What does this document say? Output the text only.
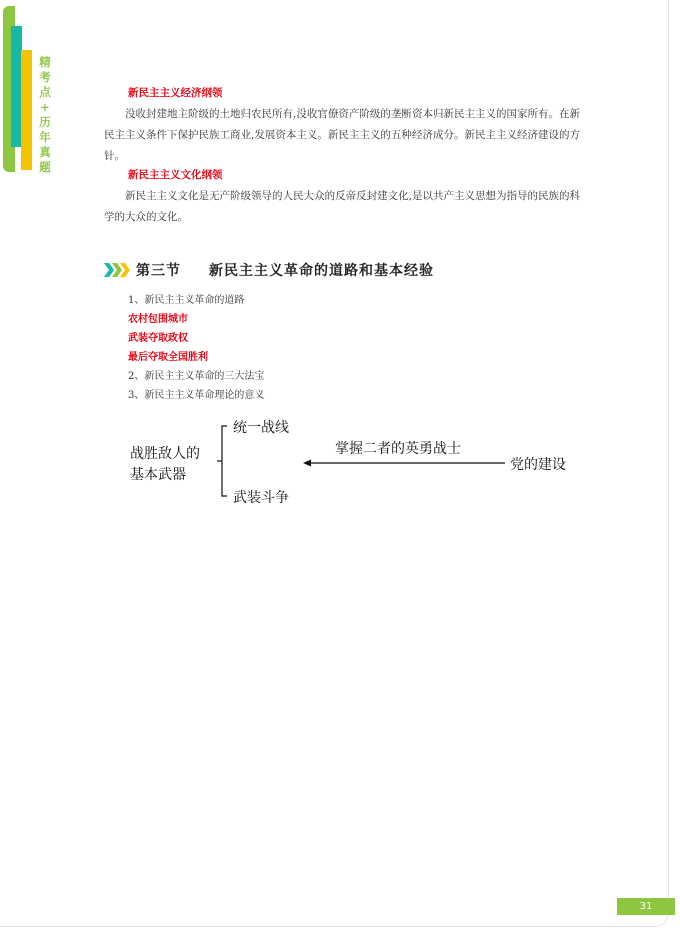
精
考
点
+
历
年
真
题
新民主主义经济纲领

没收封建地主阶级的土地归农民所有,没收官僚资产阶级的垄断资本归新民主主义的国家所有。在新民主主义条件下保护民族工商业,发展资本主义。新民主主义的五种经济成分。新民主主义经济建设的方针。

新民主主义文化纲领

新民主主义文化是无产阶级领导的人民大众的反帝反封建文化,是以共产主义思想为指导的民族的科学的大众的文化。

第三节 新民主主义革命的道路和基本经验
1、新民主主义革命的道路
农村包围城市
武装夺取政权
最后夺取全国胜利
2、新民主主义革命的三大法宝
3、新民主主义革命理论的意义
战胜敌人的
基本武器
统一战线
武装斗争
掌握二者的英勇战士
党的建设
31
